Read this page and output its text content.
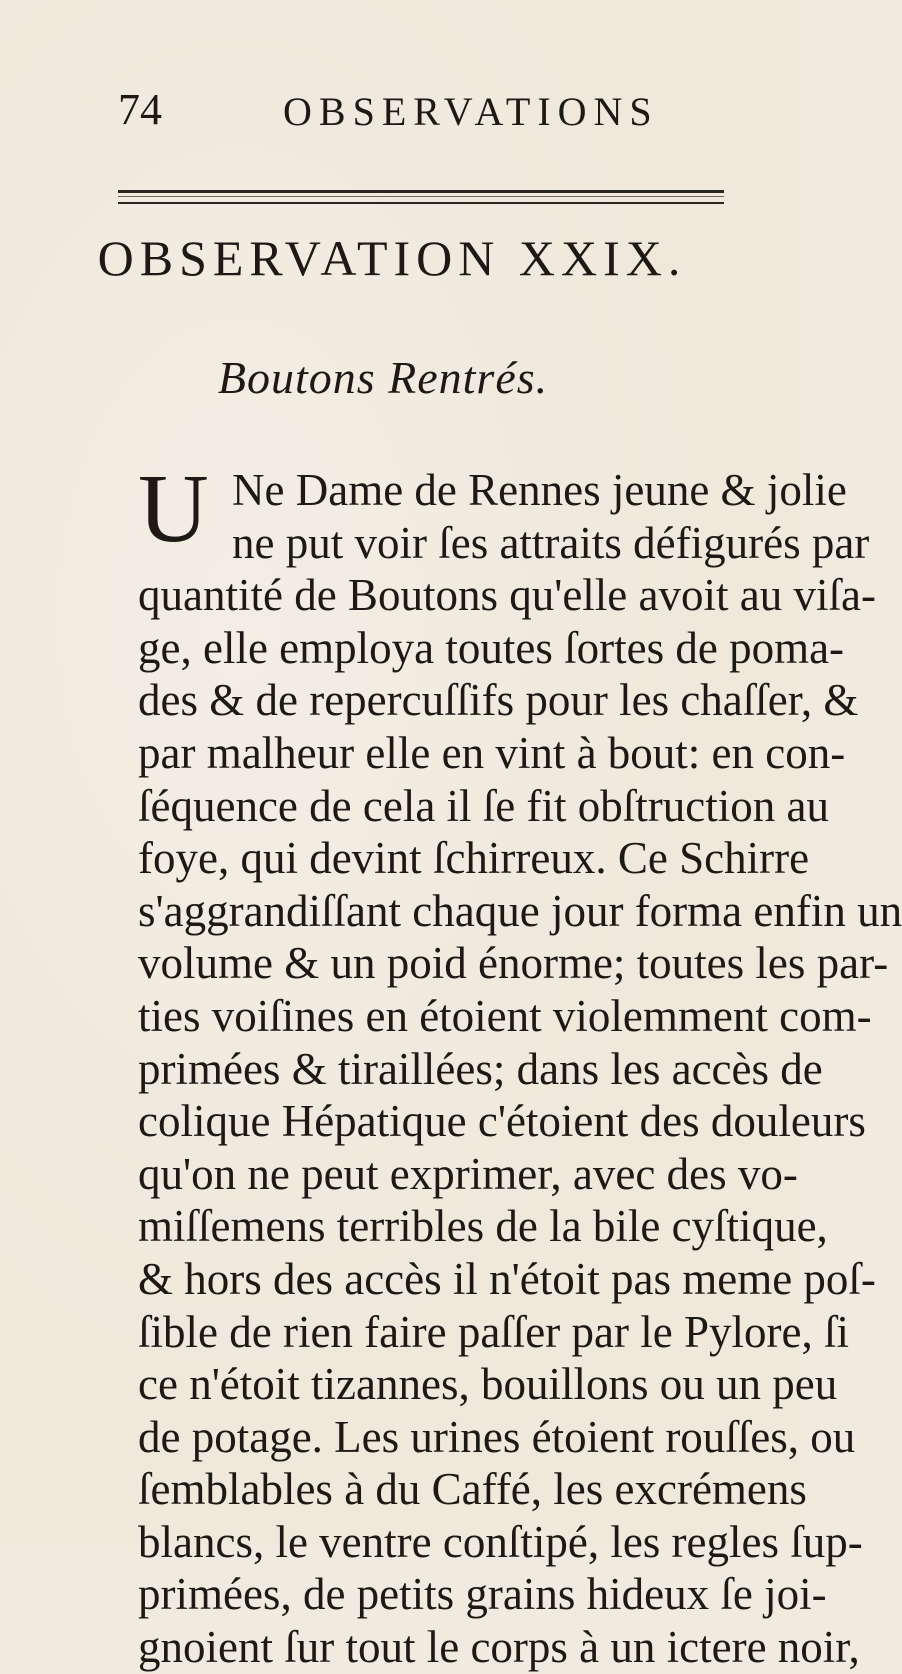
74	OBSERVATIONS
OBSERVATION XXIX.
Boutons Rentrés.
U Ne Dame de Rennes jeune & jolie
ne put voir ſes attraits défigurés par
quantité de Boutons qu'elle avoit au viſa-
ge, elle employa toutes ſortes de poma-
des & de repercuſſifs pour les chaſſer, &
par malheur elle en vint à bout: en con-
ſéquence de cela il ſe fit obſtruction au
foye, qui devint ſchirreux. Ce Schirre
s'aggrandiſſant chaque jour forma enfin un
volume & un poid énorme; toutes les par-
ties voiſines en étoient violemment com-
primées & tiraillées; dans les accès de
colique Hépatique c'étoient des douleurs
qu'on ne peut exprimer, avec des vo-
miſſemens terribles de la bile cyſtique,
& hors des accès il n'étoit pas meme poſ-
ſible de rien faire paſſer par le Pylore, ſi
ce n'étoit tizannes, bouillons ou un peu
de potage. Les urines étoient rouſſes, ou
ſemblables à du Caffé, les excrémens
blancs, le ventre conſtipé, les regles ſup-
primées, de petits grains hideux ſe joi-
gnoient ſur tout le corps à un ictere noir,
